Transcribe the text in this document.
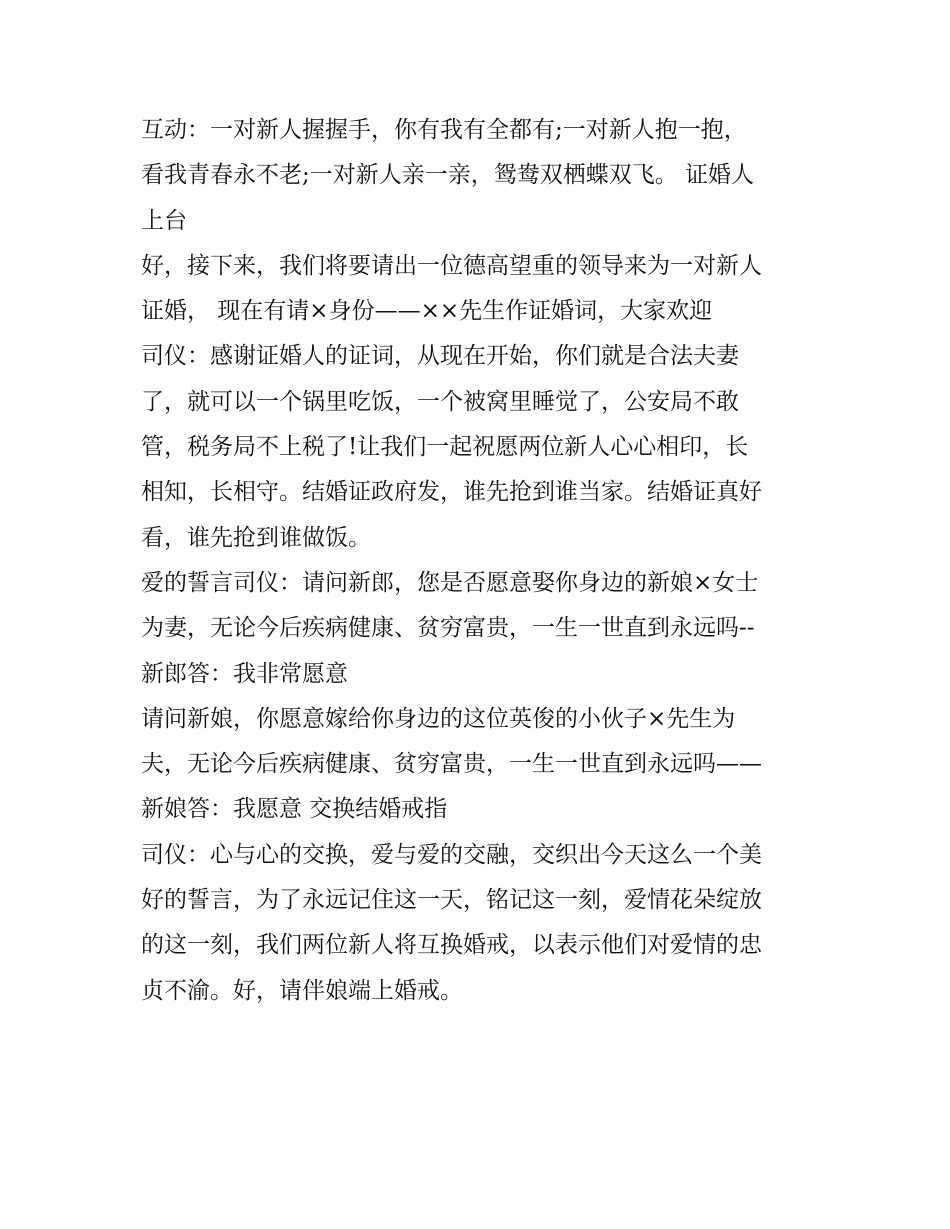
互动：一对新人握握手，你有我有全都有;一对新人抱一抱，
看我青春永不老;一对新人亲一亲，鸳鸯双栖蝶双飞。 证婚人
上台
好，接下来，我们将要请出一位德高望重的领导来为一对新人
证婚， 现在有请×身份——××先生作证婚词，大家欢迎
司仪：感谢证婚人的证词，从现在开始，你们就是合法夫妻
了，就可以一个锅里吃饭，一个被窝里睡觉了，公安局不敢
管，税务局不上税了!让我们一起祝愿两位新人心心相印，长
相知，长相守。结婚证政府发，谁先抢到谁当家。结婚证真好
看，谁先抢到谁做饭。
爱的誓言司仪：请问新郎，您是否愿意娶你身边的新娘×女士
为妻，无论今后疾病健康、贫穷富贵，一生一世直到永远吗--
新郎答：我非常愿意
请问新娘，你愿意嫁给你身边的这位英俊的小伙子×先生为
夫，无论今后疾病健康、贫穷富贵，一生一世直到永远吗——
新娘答：我愿意 交换结婚戒指
司仪：心与心的交换，爱与爱的交融，交织出今天这么一个美
好的誓言，为了永远记住这一天，铭记这一刻，爱情花朵绽放
的这一刻，我们两位新人将互换婚戒，以表示他们对爱情的忠
贞不渝。好，请伴娘端上婚戒。
